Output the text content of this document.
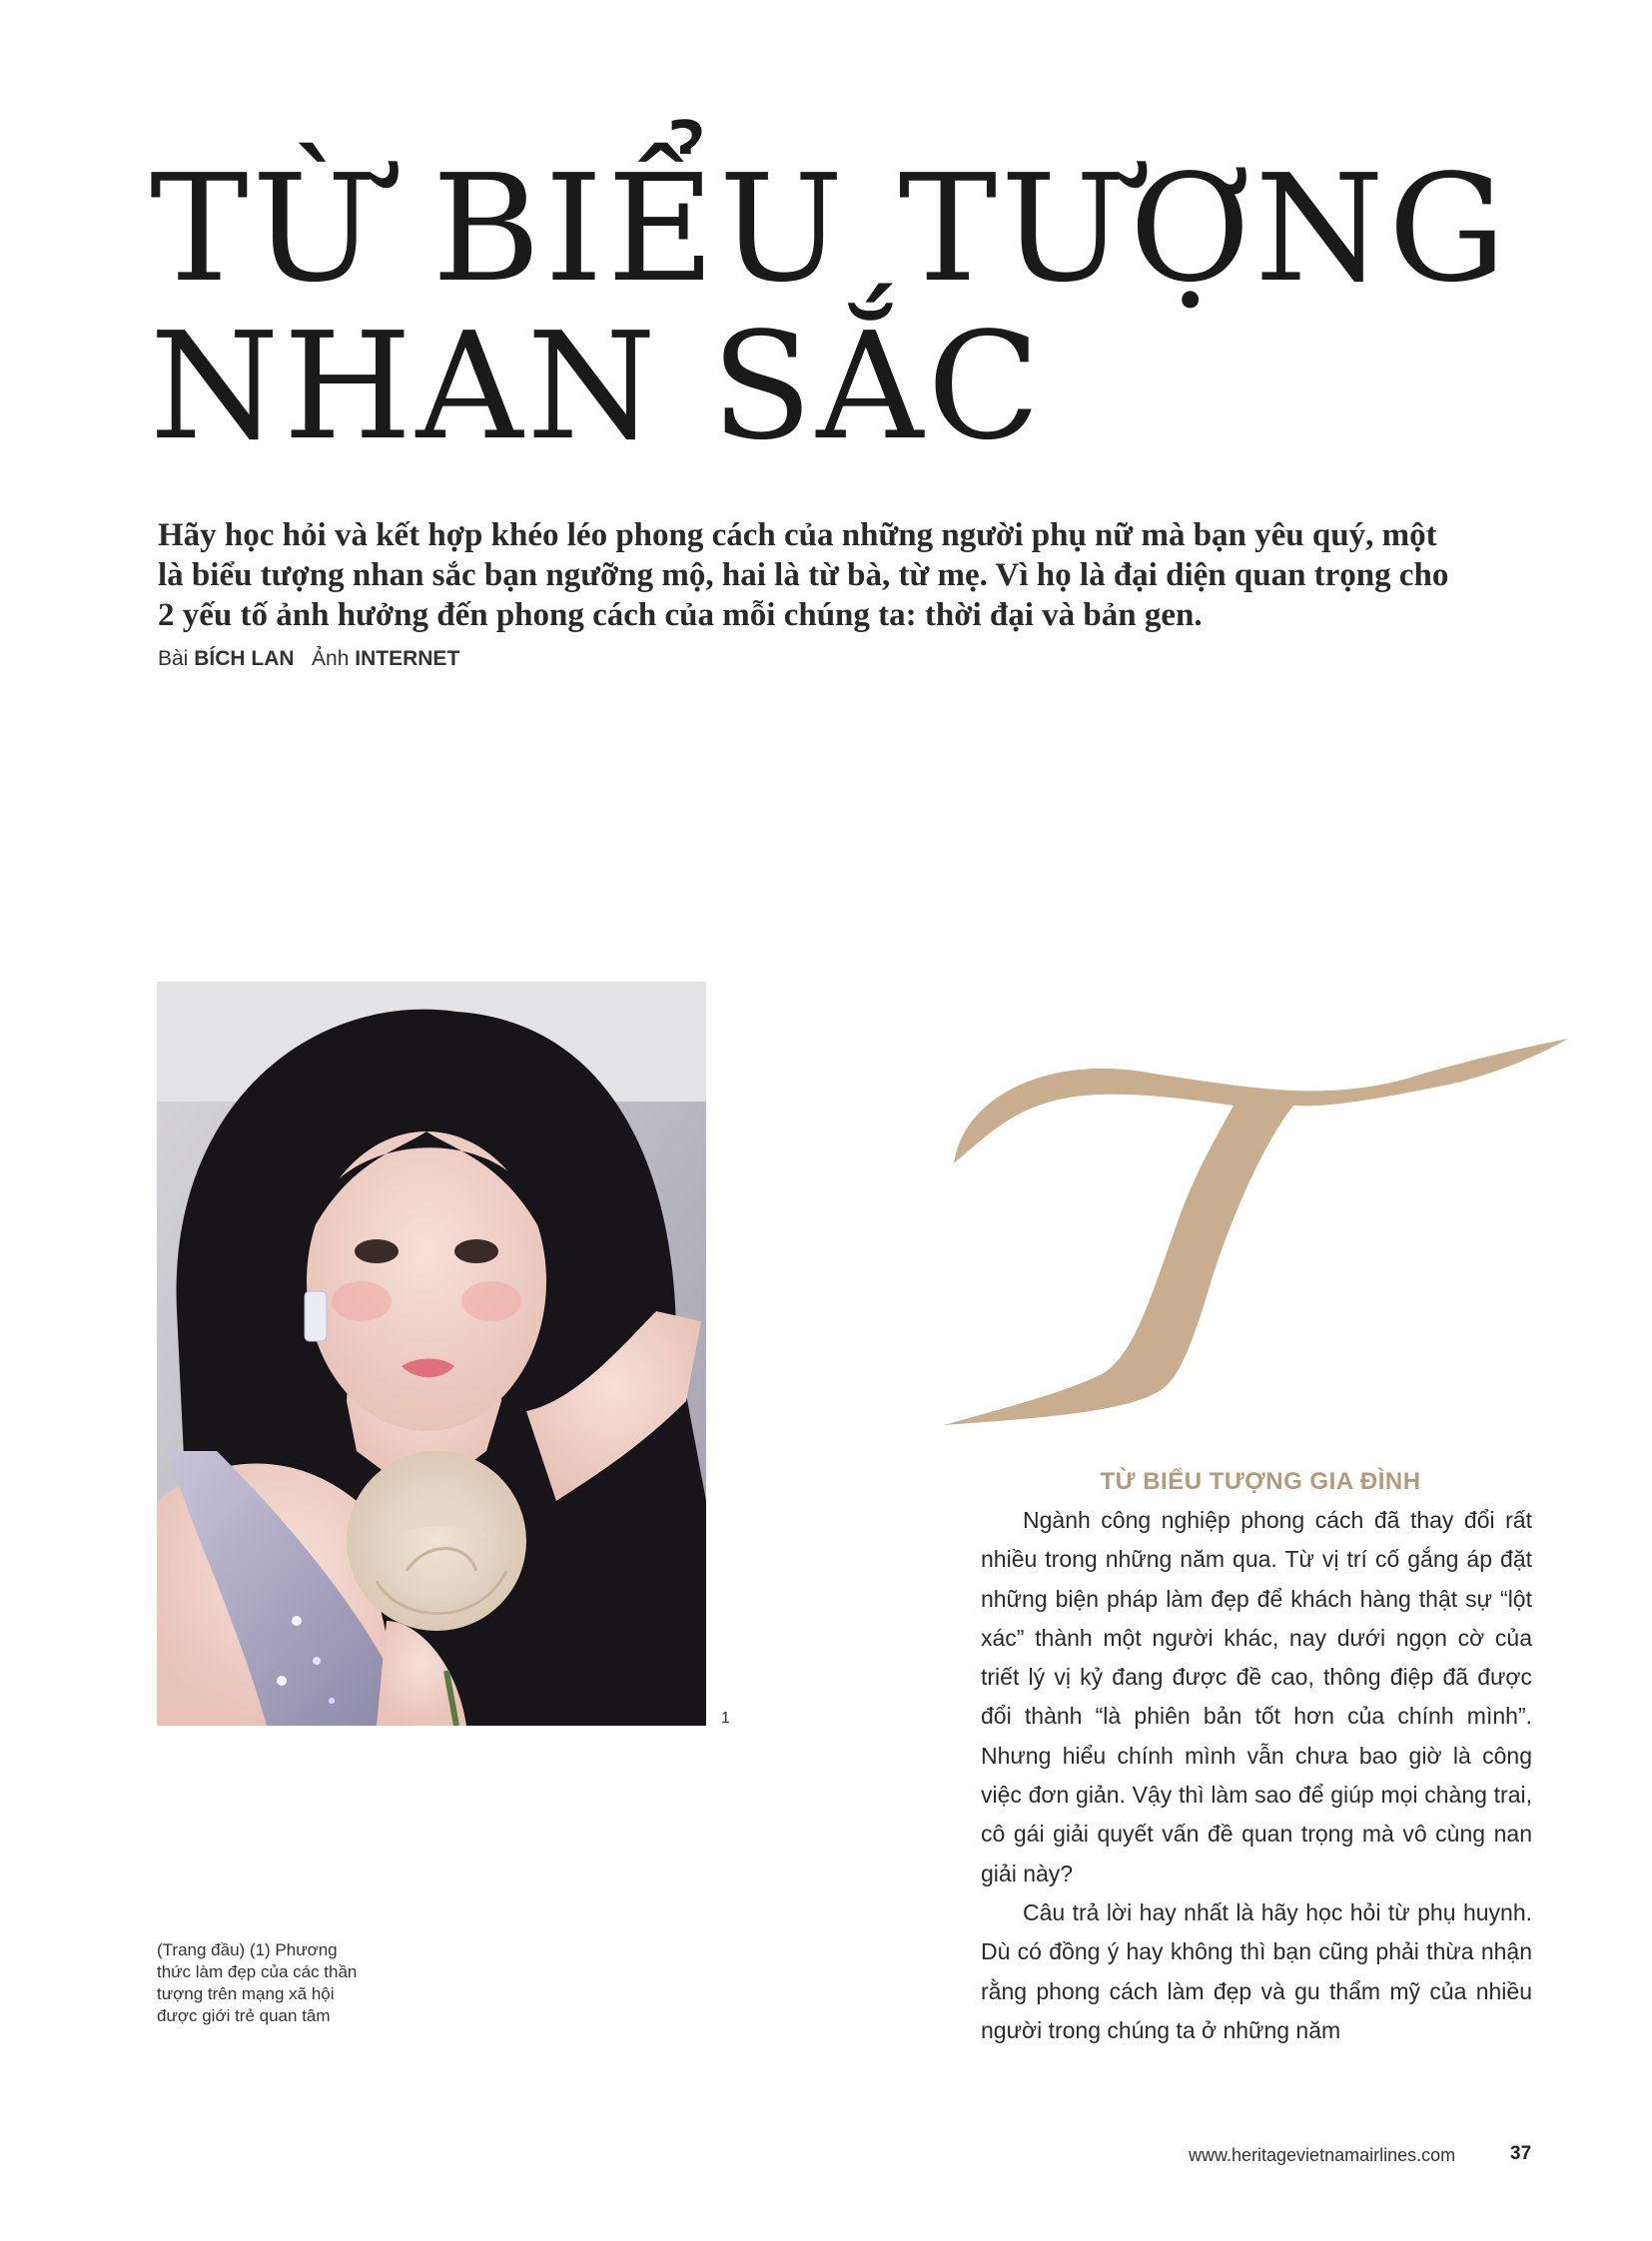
TỪ BIỂU TƯỢNG
NHAN SẮC

Hãy học hỏi và kết hợp khéo léo phong cách của những người phụ nữ mà bạn yêu quý, một là biểu tượng nhan sắc bạn ngưỡng mộ, hai là từ bà, từ mẹ. Vì họ là đại diện quan trọng cho 2 yếu tố ảnh hưởng đến phong cách của mỗi chúng ta: thời đại và bản gen.

Bài BÍCH LAN Ảnh INTERNET
1
(Trang đầu) (1) Phương thức làm đẹp của các thần tượng trên mạng xã hội được giới trẻ quan tâm
TỪ BIỂU TƯỢNG GIA ĐÌNH

Ngành công nghiệp phong cách đã thay đổi rất nhiều trong những năm qua. Từ vị trí cố gắng áp đặt những biện pháp làm đẹp để khách hàng thật sự “lột xác” thành một người khác, nay dưới ngọn cờ của triết lý vị kỷ đang được đề cao, thông điệp đã được đổi thành “là phiên bản tốt hơn của chính mình”. Nhưng hiểu chính mình vẫn chưa bao giờ là công việc đơn giản. Vậy thì làm sao để giúp mọi chàng trai, cô gái giải quyết vấn đề quan trọng mà vô cùng nan giải này?

Câu trả lời hay nhất là hãy học hỏi từ phụ huynh. Dù có đồng ý hay không thì bạn cũng phải thừa nhận rằng phong cách làm đẹp và gu thẩm mỹ của nhiều người trong chúng ta ở những năm

www.heritagevietnamairlines.com	37
